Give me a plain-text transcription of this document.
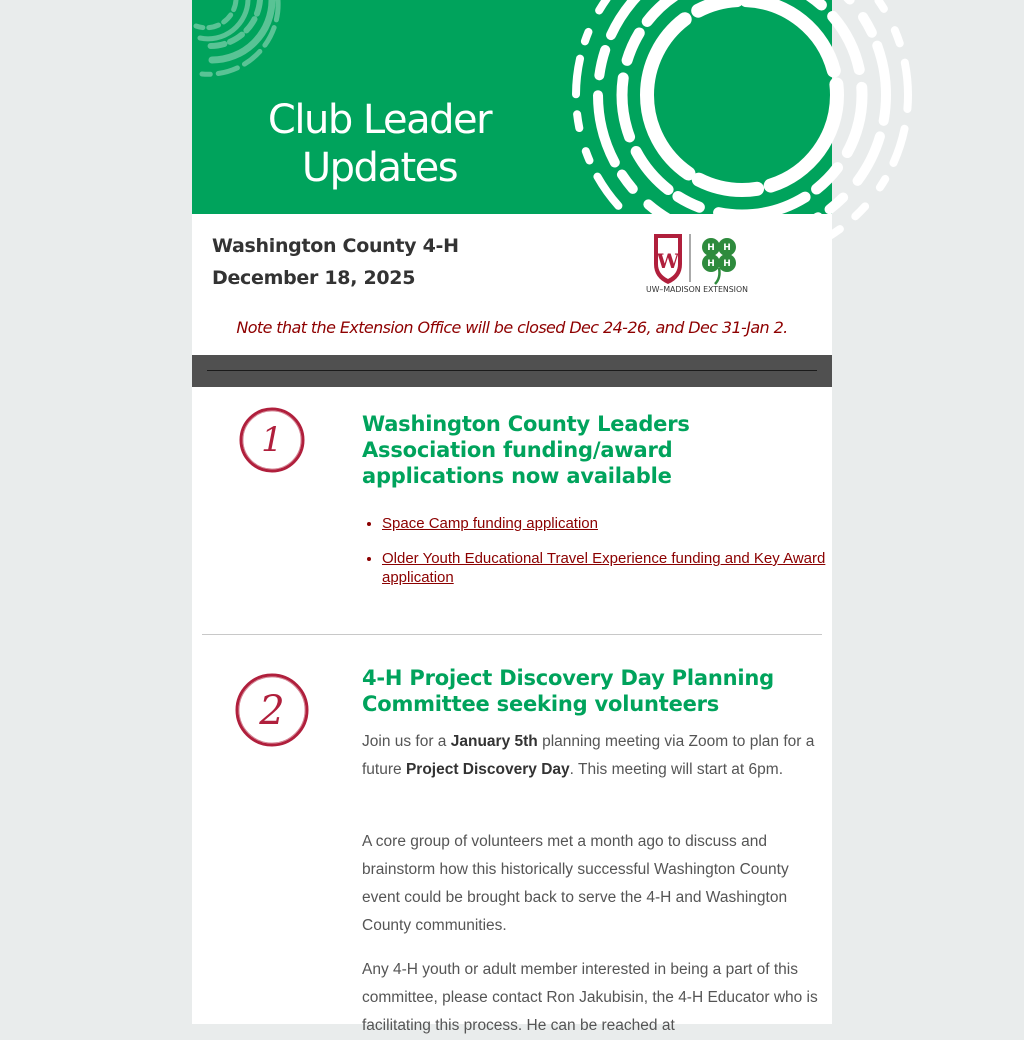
Club Leader
Updates
Washington County 4-H
December 18, 2025
W
H H
H H
UW–MADISON EXTENSION
Note that the Extension Office will be closed Dec 24-26, and Dec 31-Jan 2.
1	Washington County Leaders Association funding/award applications now available
• Space Camp funding application
• Older Youth Educational Travel Experience funding and Key Award application
2
4-H Project Discovery Day Planning Committee seeking volunteers

Join us for a January 5th planning meeting via Zoom to plan for a future Project Discovery Day. This meeting will start at 6pm.

A core group of volunteers met a month ago to discuss and brainstorm how this historically successful Washington County event could be brought back to serve the 4-H and Washington County communities.

Any 4-H youth or adult member interested in being a part of this committee, please contact Ron Jakubisin, the 4-H Educator who is facilitating this process. He can be reached at
